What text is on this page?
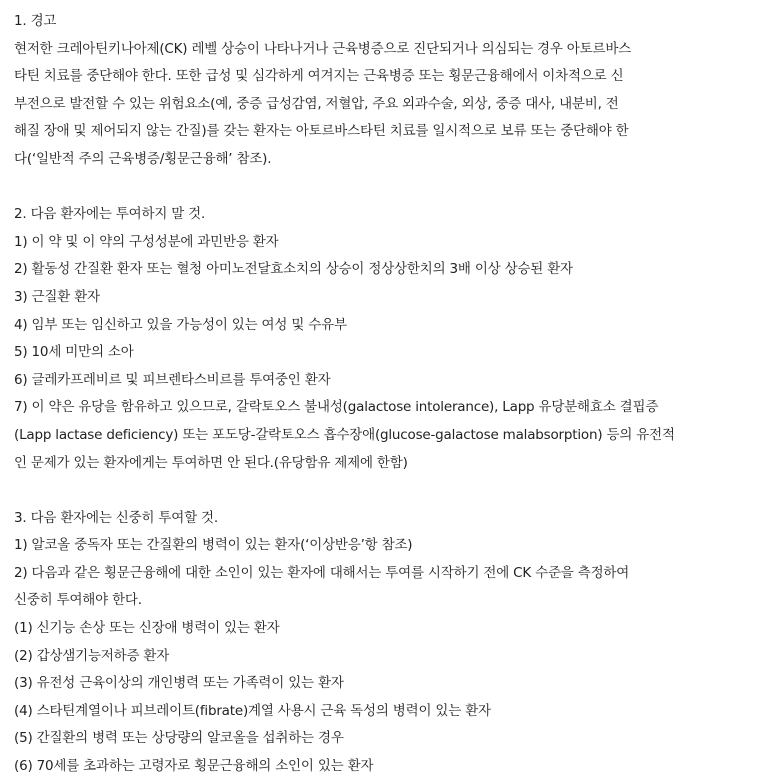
1. 경고
현저한 크레아틴키나아제(CK) 레벨 상승이 나타나거나 근육병증으로 진단되거나 의심되는 경우 아토르바스
타틴 치료를 중단해야 한다. 또한 급성 및 심각하게 여겨지는 근육병증 또는 횡문근융해에서 이차적으로 신
부전으로 발전할 수 있는 위험요소(예, 중증 급성감염, 저혈압, 주요 외과수술, 외상, 중증 대사, 내분비, 전
해질 장애 및 제어되지 않는 간질)를 갖는 환자는 아토르바스타틴 치료를 일시적으로 보류 또는 중단해야 한
다(‘일반적 주의 근육병증/횡문근융해’ 참조).
2. 다음 환자에는 투여하지 말 것.
1) 이 약 및 이 약의 구성성분에 과민반응 환자
2) 활동성 간질환 환자 또는 혈청 아미노전달효소치의 상승이 정상상한치의 3배 이상 상승된 환자
3) 근질환 환자
4) 임부 또는 임신하고 있을 가능성이 있는 여성 및 수유부
5) 10세 미만의 소아
6) 글레카프레비르 및 피브렌타스비르를 투여중인 환자
7) 이 약은 유당을 함유하고 있으므로, 갈락토오스 불내성(galactose intolerance), Lapp 유당분해효소 결핍증
(Lapp lactase deficiency) 또는 포도당-갈락토오스 흡수장애(glucose-galactose malabsorption) 등의 유전적
인 문제가 있는 환자에게는 투여하면 안 된다.(유당함유 제제에 한함)
3. 다음 환자에는 신중히 투여할 것.
1) 알코올 중독자 또는 간질환의 병력이 있는 환자(‘이상반응’항 참조)
2) 다음과 같은 횡문근융해에 대한 소인이 있는 환자에 대해서는 투여를 시작하기 전에 CK 수준을 측정하여
신중히 투여해야 한다.
(1) 신기능 손상 또는 신장애 병력이 있는 환자
(2) 갑상샘기능저하증 환자
(3) 유전성 근육이상의 개인병력 또는 가족력이 있는 환자
(4) 스타틴계열이나 피브레이트(fibrate)계열 사용시 근육 독성의 병력이 있는 환자
(5) 간질환의 병력 또는 상당량의 알코올을 섭취하는 경우
(6) 70세를 초과하는 고령자로 횡문근융해의 소인이 있는 환자
